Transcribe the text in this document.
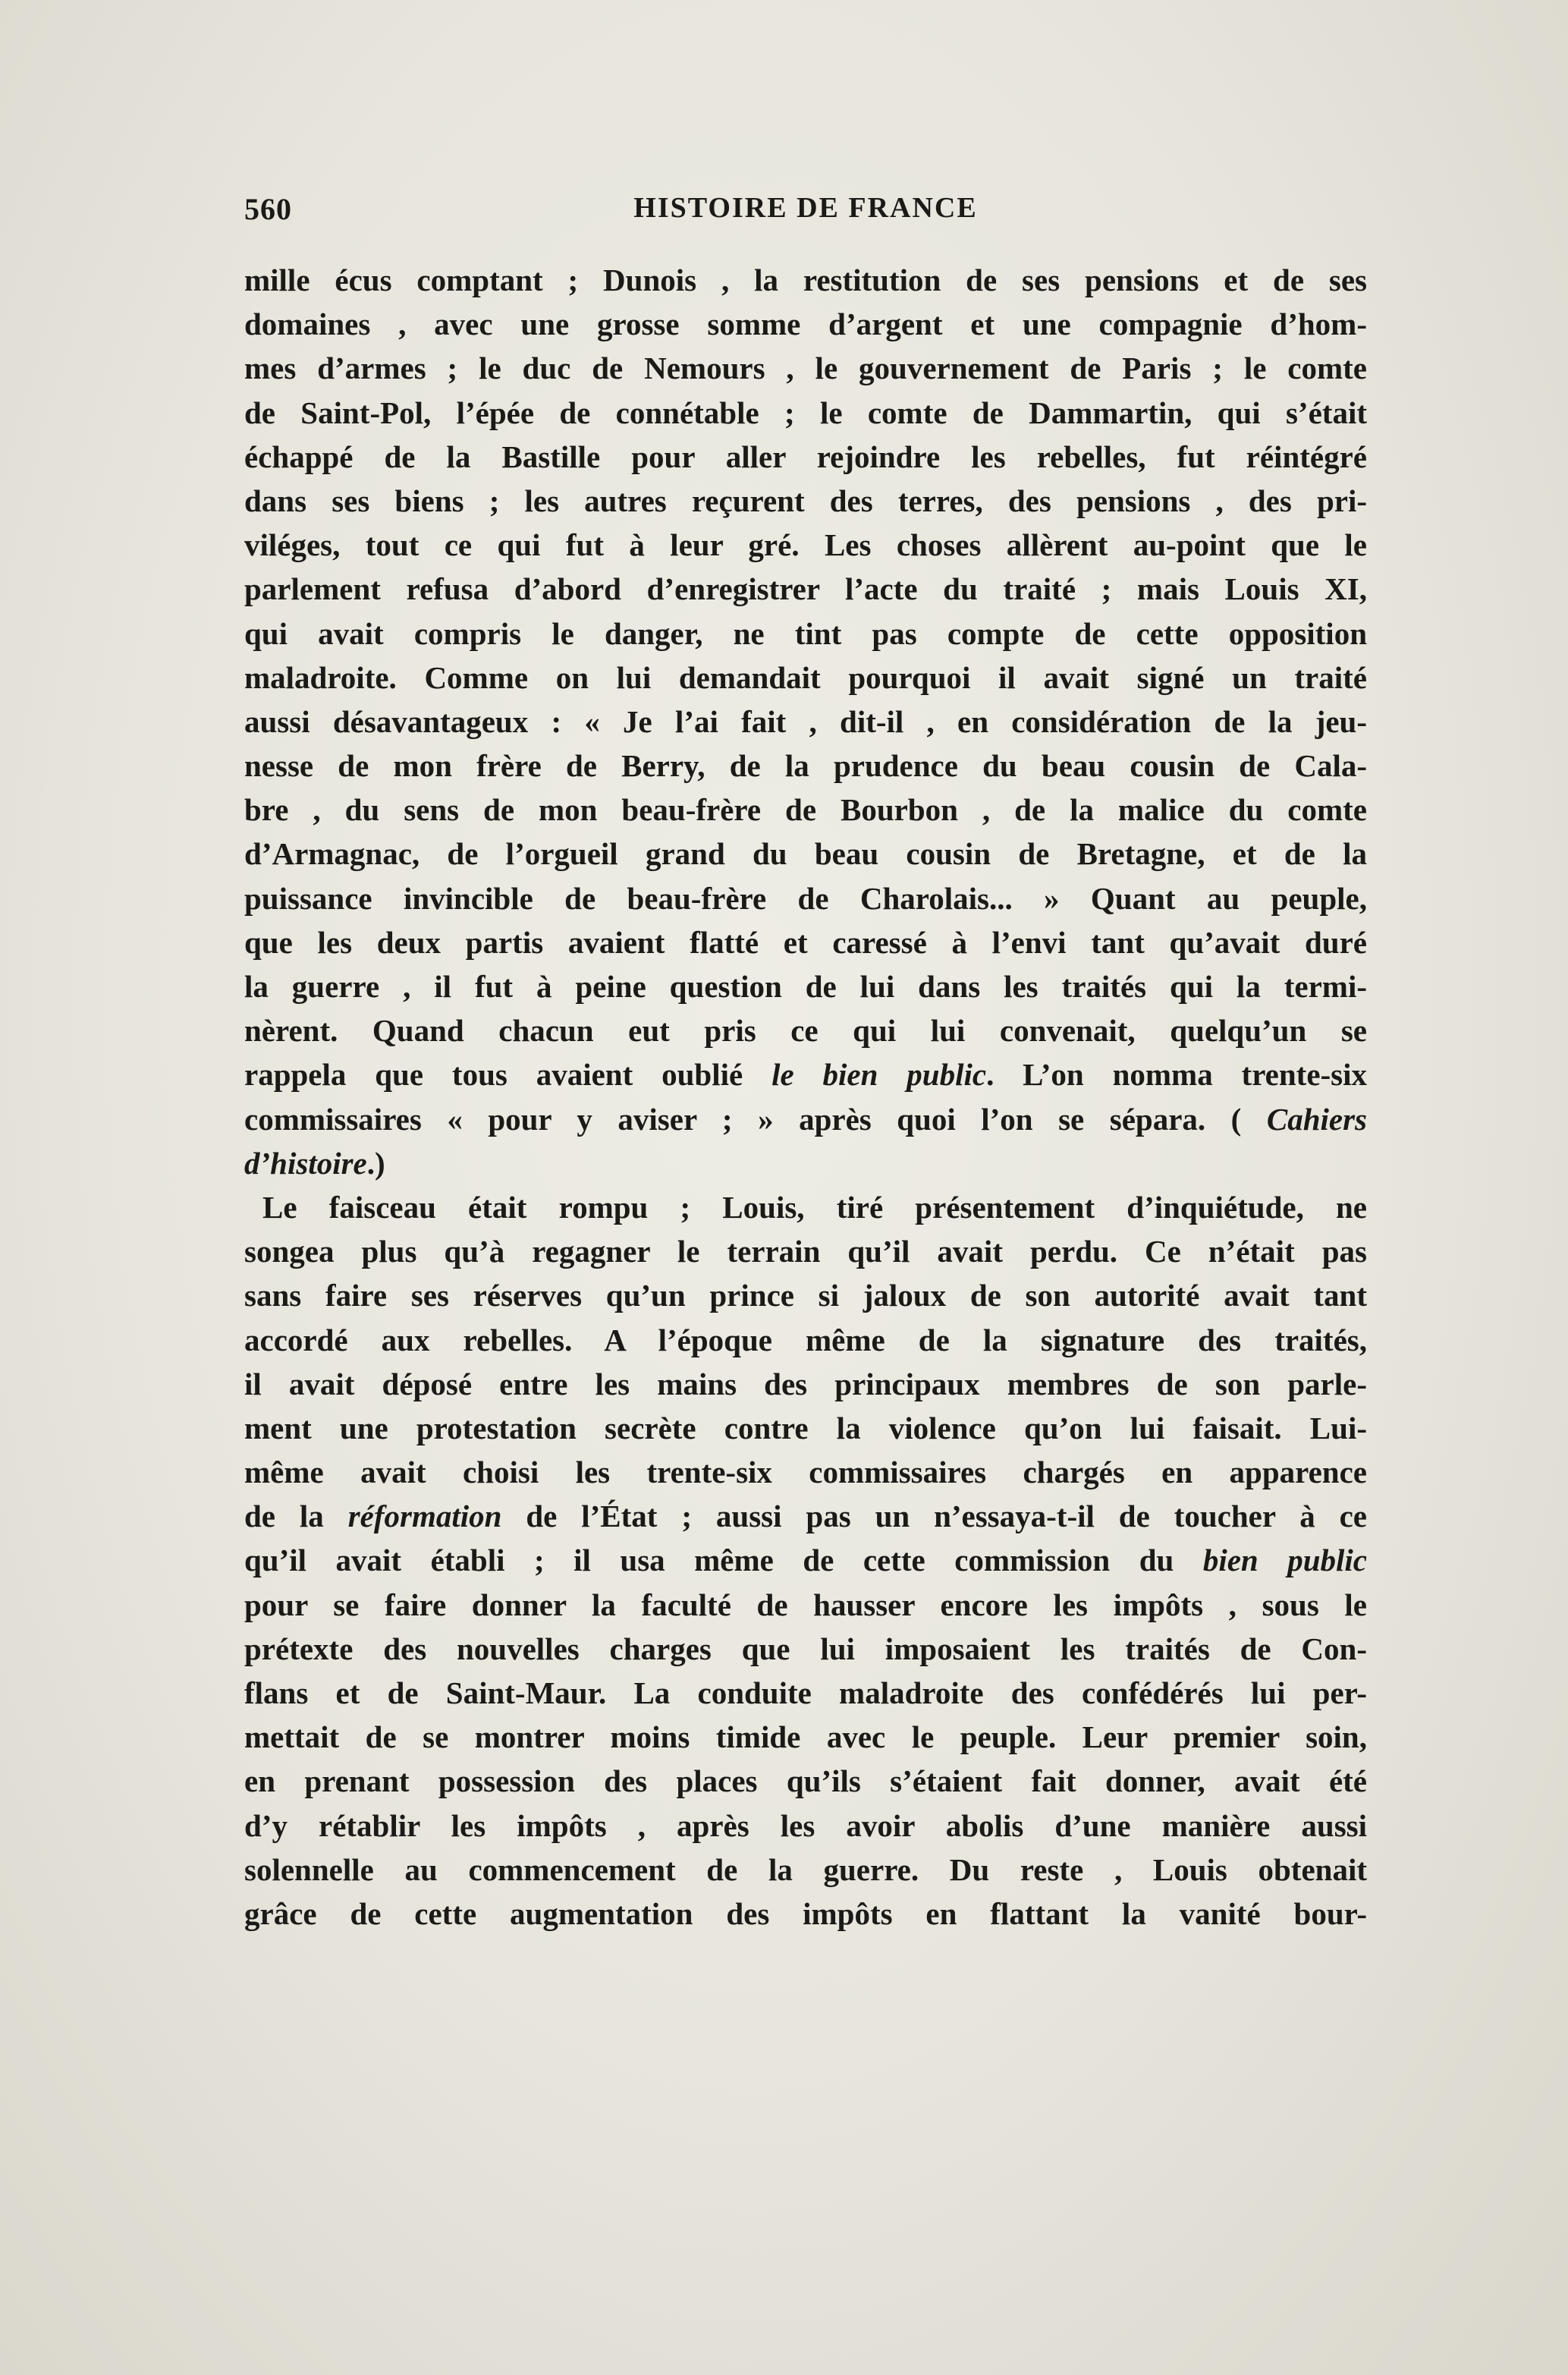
560	HISTOIRE DE FRANCE
mille écus comptant ; Dunois , la restitution de ses pensions et de ses
domaines , avec une grosse somme d’argent et une compagnie d’hom-
mes d’armes ; le duc de Nemours , le gouvernement de Paris ; le comte
de Saint-Pol, l’épée de connétable ; le comte de Dammartin, qui s’était
échappé de la Bastille pour aller rejoindre les rebelles, fut réintégré
dans ses biens ; les autres reçurent des terres, des pensions , des pri-
viléges, tout ce qui fut à leur gré. Les choses allèrent au-point que le
parlement refusa d’abord d’enregistrer l’acte du traité ; mais Louis XI,
qui avait compris le danger, ne tint pas compte de cette opposition
maladroite. Comme on lui demandait pourquoi il avait signé un traité
aussi désavantageux : « Je l’ai fait , dit-il , en considération de la jeu-
nesse de mon frère de Berry, de la prudence du beau cousin de Cala-
bre , du sens de mon beau-frère de Bourbon , de la malice du comte
d’Armagnac, de l’orgueil grand du beau cousin de Bretagne, et de la
puissance invincible de beau-frère de Charolais... » Quant au peuple,
que les deux partis avaient flatté et caressé à l’envi tant qu’avait duré
la guerre , il fut à peine question de lui dans les traités qui la termi-
nèrent. Quand chacun eut pris ce qui lui convenait, quelqu’un se
rappela que tous avaient oublié le bien public. L’on nomma trente-six
commissaires « pour y aviser ; » après quoi l’on se sépara. ( Cahiers
d’histoire.)
Le faisceau était rompu ; Louis, tiré présentement d’inquiétude, ne
songea plus qu’à regagner le terrain qu’il avait perdu. Ce n’était pas
sans faire ses réserves qu’un prince si jaloux de son autorité avait tant
accordé aux rebelles. A l’époque même de la signature des traités,
il avait déposé entre les mains des principaux membres de son parle-
ment une protestation secrète contre la violence qu’on lui faisait. Lui-
même avait choisi les trente-six commissaires chargés en apparence
de la réformation de l’État ; aussi pas un n’essaya-t-il de toucher à ce
qu’il avait établi ; il usa même de cette commission du bien public
pour se faire donner la faculté de hausser encore les impôts , sous le
prétexte des nouvelles charges que lui imposaient les traités de Con-
flans et de Saint-Maur. La conduite maladroite des confédérés lui per-
mettait de se montrer moins timide avec le peuple. Leur premier soin,
en prenant possession des places qu’ils s’étaient fait donner, avait été
d’y rétablir les impôts , après les avoir abolis d’une manière aussi
solennelle au commencement de la guerre. Du reste , Louis obtenait
grâce de cette augmentation des impôts en flattant la vanité bour-
